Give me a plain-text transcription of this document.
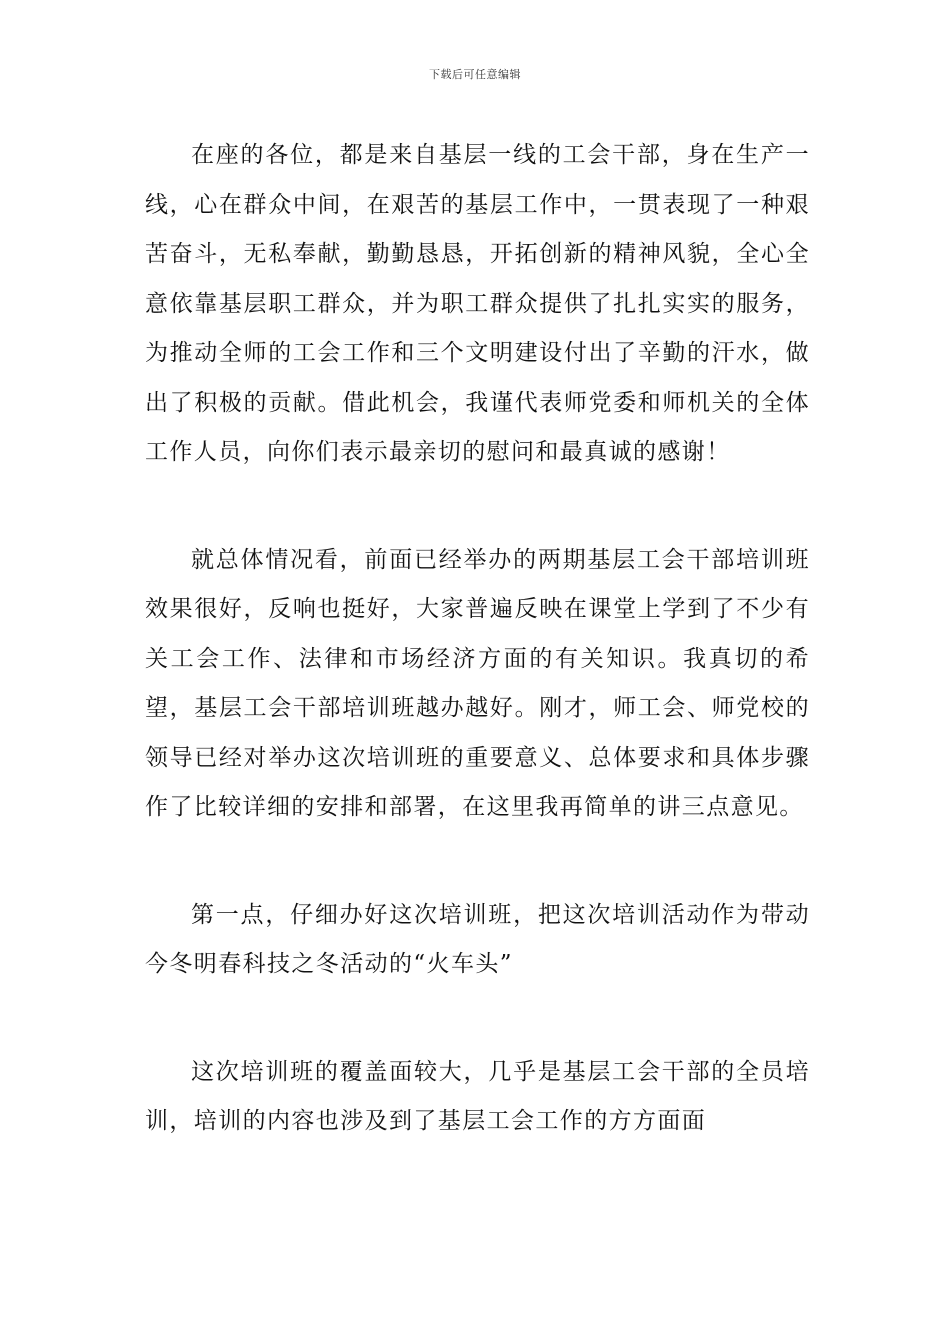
下载后可任意编辑

在座的各位，都是来自基层一线的工会干部，身在生产一线，心在群众中间，在艰苦的基层工作中，一贯表现了一种艰苦奋斗，无私奉献，勤勤恳恳，开拓创新的精神风貌，全心全意依靠基层职工群众，并为职工群众提供了扎扎实实的服务，为推动全师的工会工作和三个文明建设付出了辛勤的汗水，做出了积极的贡献。借此机会，我谨代表师党委和师机关的全体工作人员，向你们表示最亲切的慰问和最真诚的感谢！

就总体情况看，前面已经举办的两期基层工会干部培训班效果很好，反响也挺好，大家普遍反映在课堂上学到了不少有关工会工作、法律和市场经济方面的有关知识。我真切的希望，基层工会干部培训班越办越好。刚才，师工会、师党校的领导已经对举办这次培训班的重要意义、总体要求和具体步骤作了比较详细的安排和部署，在这里我再简单的讲三点意见。

第一点，仔细办好这次培训班，把这次培训活动作为带动今冬明春科技之冬活动的“火车头”

这次培训班的覆盖面较大，几乎是基层工会干部的全员培训，培训的内容也涉及到了基层工会工作的方方面面
